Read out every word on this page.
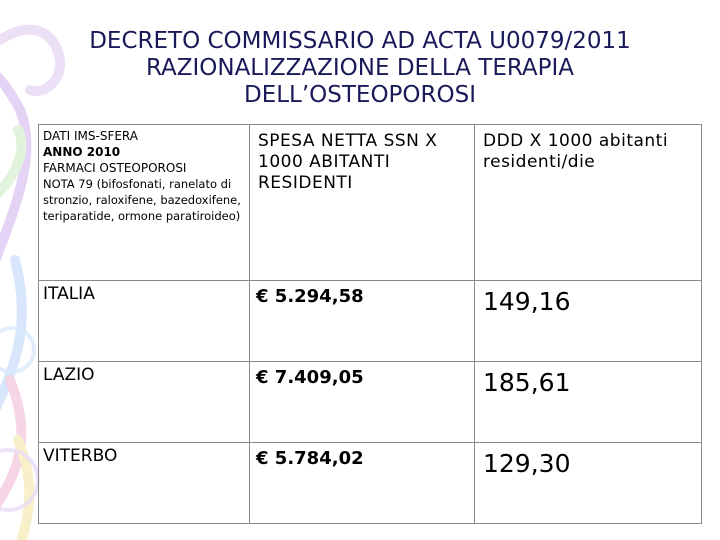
DECRETO COMMISSARIO AD ACTA U0079/2011
RAZIONALIZZAZIONE DELLA TERAPIA
DELL’OSTEOPOROSI
DATI IMS-SFERA
ANNO 2010
FARMACI OSTEOPOROSI
NOTA 79 (bifosfonati, ranelato di stronzio, raloxifene, bazedoxifene, teriparatide, ormone paratiroideo)	SPESA NETTA SSN X 1000 ABITANTI RESIDENTI	DDD X 1000 abitanti residenti/die

ITALIA	€ 5.294,58	149,16

LAZIO	€ 7.409,05	185,61

VITERBO	€ 5.784,02	129,30
